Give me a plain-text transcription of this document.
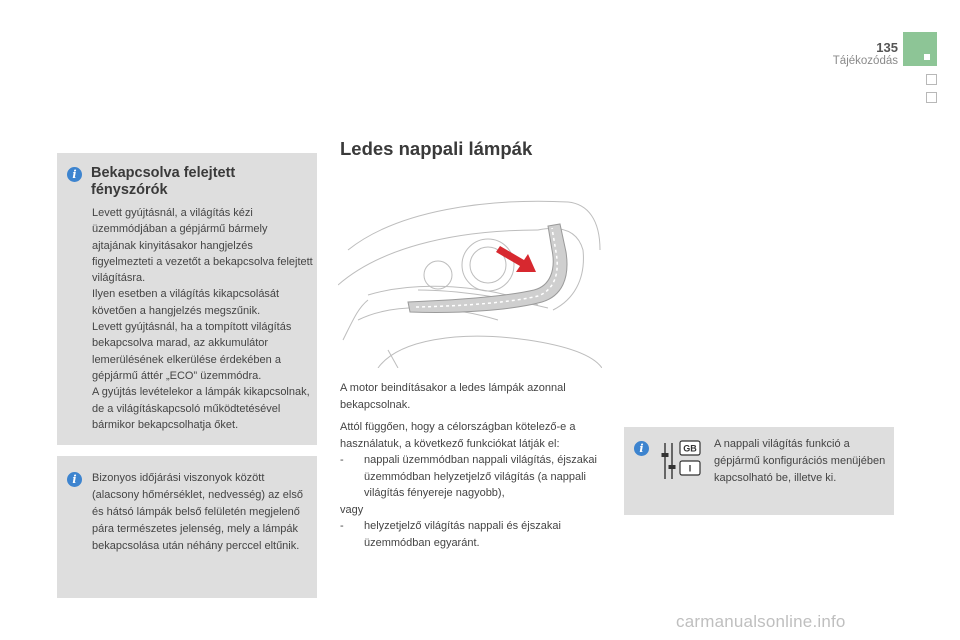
135
Tájékozódás
i Bekapcsolva felejtett fényszórók
Levett gyújtásnál, a világítás kézi üzemmódjában a gépjármű bármely ajtajának kinyitásakor hangjelzés figyelmezteti a vezetőt a bekapcsolva felejtett világításra.
Ilyen esetben a világítás kikapcsolását követően a hangjelzés megszűnik.
Levett gyújtásnál, ha a tompított világítás bekapcsolva marad, az akkumulátor lemerülésének elkerülése érdekében a gépjármű áttér „ECO” üzemmódra.
A gyújtás levételekor a lámpák kikapcsolnak, de a világításkapcsoló működtetésével bármikor bekapcsolhatja őket.
i	Bizonyos időjárási viszonyok között (alacsony hőmérséklet, nedvesség) az első és hátsó lámpák belső felületén megjelenő pára természetes jelenség, mely a lámpák bekapcsolása után néhány perccel eltűnik.
Ledes nappali lámpák

A motor beindításakor a ledes lámpák azonnal bekapcsolnak.

Attól függően, hogy a célországban kötelező-e a használatuk, a következő funkciókat látják el:

- nappali üzemmódban nappali világítás, éjszakai üzemmódban helyzetjelző világítás (a nappali világítás fényereje nagyobb),

vagy

- helyzetjelző világítás nappali és éjszakai üzemmódban egyaránt.

i	GB
I
A nappali világítás funkció a gépjármű konfigurációs menüjében kapcsolható be, illetve ki.
carmanualsonline.info
